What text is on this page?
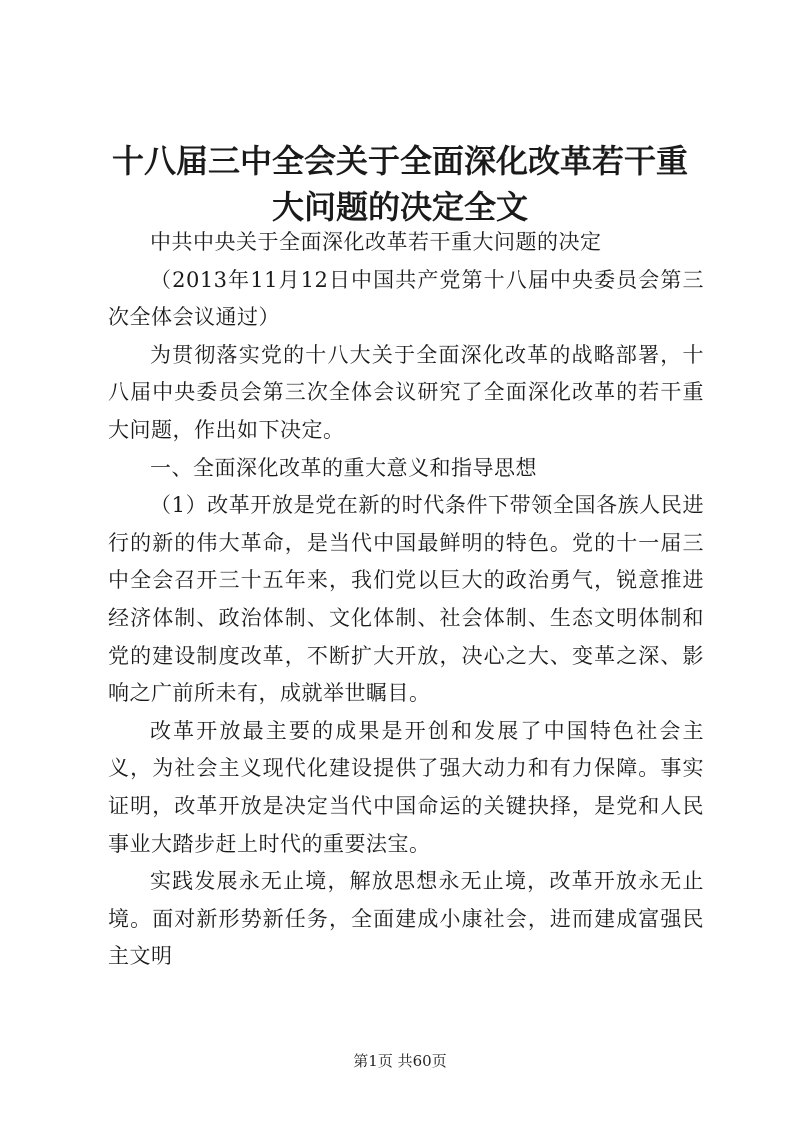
十八届三中全会关于全面深化改革若干重大问题的决定全文

中共中央关于全面深化改革若干重大问题的决定

（2013年11月12日中国共产党第十八届中央委员会第三次全体会议通过）

为贯彻落实党的十八大关于全面深化改革的战略部署，十八届中央委员会第三次全体会议研究了全面深化改革的若干重大问题，作出如下决定。

一、全面深化改革的重大意义和指导思想

（1）改革开放是党在新的时代条件下带领全国各族人民进行的新的伟大革命，是当代中国最鲜明的特色。党的十一届三中全会召开三十五年来，我们党以巨大的政治勇气，锐意推进经济体制、政治体制、文化体制、社会体制、生态文明体制和党的建设制度改革，不断扩大开放，决心之大、变革之深、影响之广前所未有，成就举世瞩目。

改革开放最主要的成果是开创和发展了中国特色社会主义，为社会主义现代化建设提供了强大动力和有力保障。事实证明，改革开放是决定当代中国命运的关键抉择，是党和人民事业大踏步赶上时代的重要法宝。

实践发展永无止境，解放思想永无止境，改革开放永无止境。面对新形势新任务，全面建成小康社会，进而建成富强民主文明

第1页 共60页
